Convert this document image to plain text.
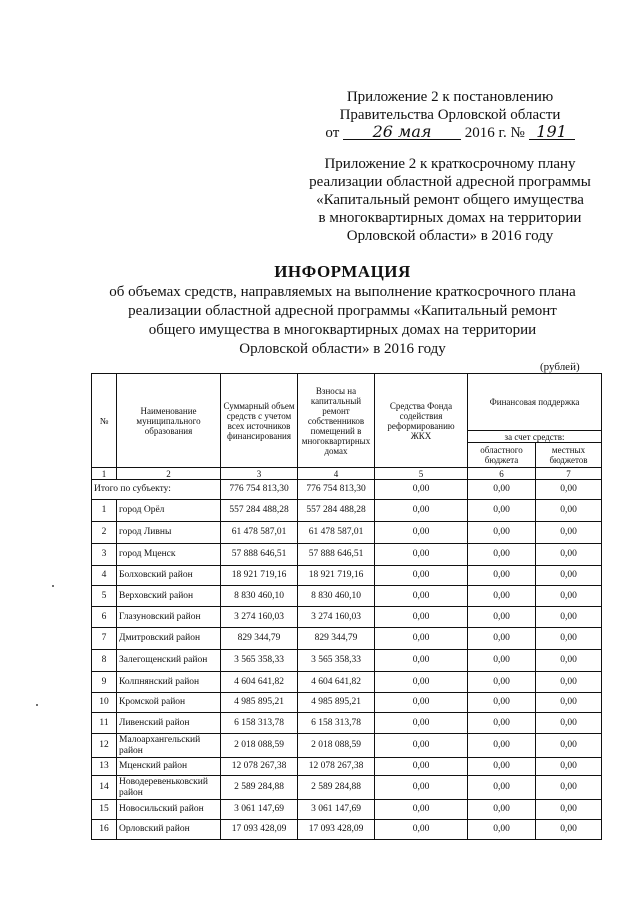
Приложение 2 к постановлению
Правительства Орловской области
от 26 мая 2016 г. № 191
Приложение 2 к краткосрочному плану
реализации областной адресной программы
«Капитальный ремонт общего имущества
в многоквартирных домах на территории
Орловской области» в 2016 году
ИНФОРМАЦИЯ
об объемах средств, направляемых на выполнение краткосрочного плана
реализации областной адресной программы «Капитальный ремонт
общего имущества в многоквартирных домах на территории
Орловской области» в 2016 году
(рублей)
№	Наименование муниципального образования	Суммарный объем средств с учетом всех источников финансирования	Взносы на капитальный ремонт собственников помещений в многоквартирных домах	Средства Фонда содействия реформированию ЖКХ	Финансовая поддержка	
					за счет средств:	
					областного бюджета	местных бюджетов
1	2	3	4	5	6	7
Итого по субъекту:		776 754 813,30	776 754 813,30	0,00	0,00	0,00
1	город Орёл	557 284 488,28	557 284 488,28	0,00	0,00	0,00
2	город Ливны	61 478 587,01	61 478 587,01	0,00	0,00	0,00
3	город Мценск	57 888 646,51	57 888 646,51	0,00	0,00	0,00
4	Болховский район	18 921 719,16	18 921 719,16	0,00	0,00	0,00
5	Верховский район	8 830 460,10	8 830 460,10	0,00	0,00	0,00
6	Глазуновский район	3 274 160,03	3 274 160,03	0,00	0,00	0,00
7	Дмитровский район	829 344,79	829 344,79	0,00	0,00	0,00
8	Залегощенский район	3 565 358,33	3 565 358,33	0,00	0,00	0,00
9	Колпнянский район	4 604 641,82	4 604 641,82	0,00	0,00	0,00
10	Кромской район	4 985 895,21	4 985 895,21	0,00	0,00	0,00
11	Ливенский район	6 158 313,78	6 158 313,78	0,00	0,00	0,00
12	Малоархангельский район	2 018 088,59	2 018 088,59	0,00	0,00	0,00
13	Мценский район	12 078 267,38	12 078 267,38	0,00	0,00	0,00
14	Новодеревеньковский район	2 589 284,88	2 589 284,88	0,00	0,00	0,00
15	Новосильский район	3 061 147,69	3 061 147,69	0,00	0,00	0,00
16	Орловский район	17 093 428,09	17 093 428,09	0,00	0,00	0,00
